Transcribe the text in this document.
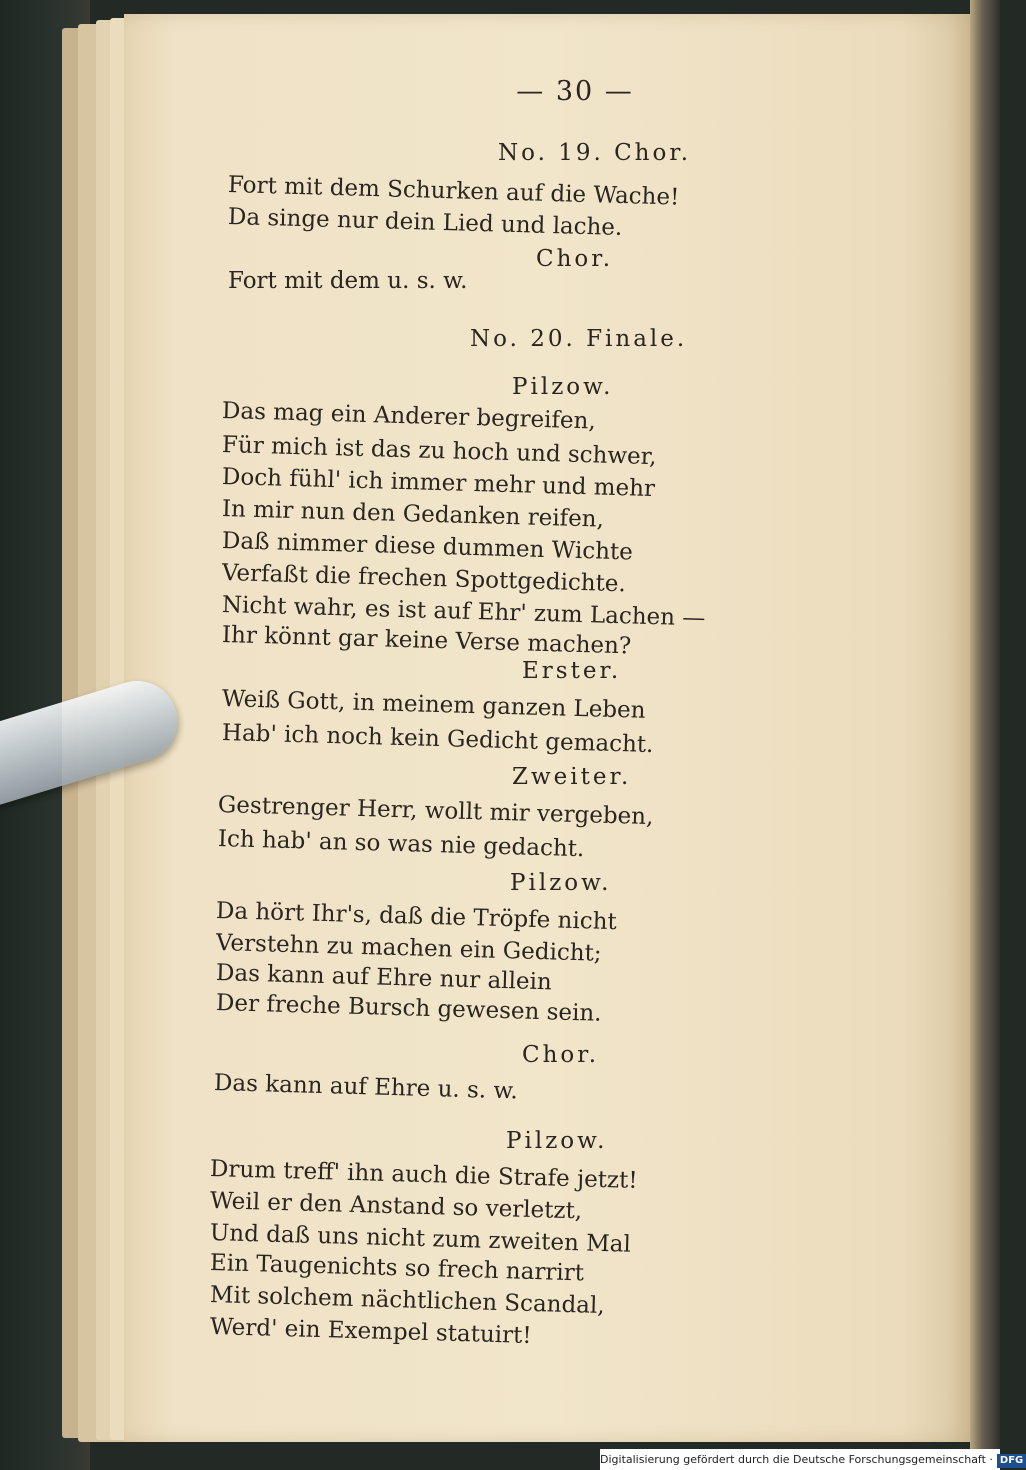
— 30 —
No. 19. Chor.
Fort mit dem Schurken auf die Wache!
Da singe nur dein Lied und lache.
Chor.
Fort mit dem u. s. w.
No. 20. Finale.
Pilzow.
Das mag ein Anderer begreifen,
Für mich ist das zu hoch und schwer,
Doch fühl' ich immer mehr und mehr
In mir nun den Gedanken reifen,
Daß nimmer diese dummen Wichte
Verfaßt die frechen Spottgedichte.
Nicht wahr, es ist auf Ehr' zum Lachen —
Ihr könnt gar keine Verse machen?
Erster.
Weiß Gott, in meinem ganzen Leben
Hab' ich noch kein Gedicht gemacht.
Zweiter.
Gestrenger Herr, wollt mir vergeben,
Ich hab' an so was nie gedacht.
Pilzow.
Da hört Ihr's, daß die Tröpfe nicht
Verstehn zu machen ein Gedicht;
Das kann auf Ehre nur allein
Der freche Bursch gewesen sein.
Chor.
Das kann auf Ehre u. s. w.
Pilzow.
Drum treff' ihn auch die Strafe jetzt!
Weil er den Anstand so verletzt,
Und daß uns nicht zum zweiten Mal
Ein Taugenichts so frech narrirt
Mit solchem nächtlichen Scandal,
Werd' ein Exempel statuirt!
Digitalisierung gefördert durch die Deutsche Forschungsgemeinschaft · DFG
